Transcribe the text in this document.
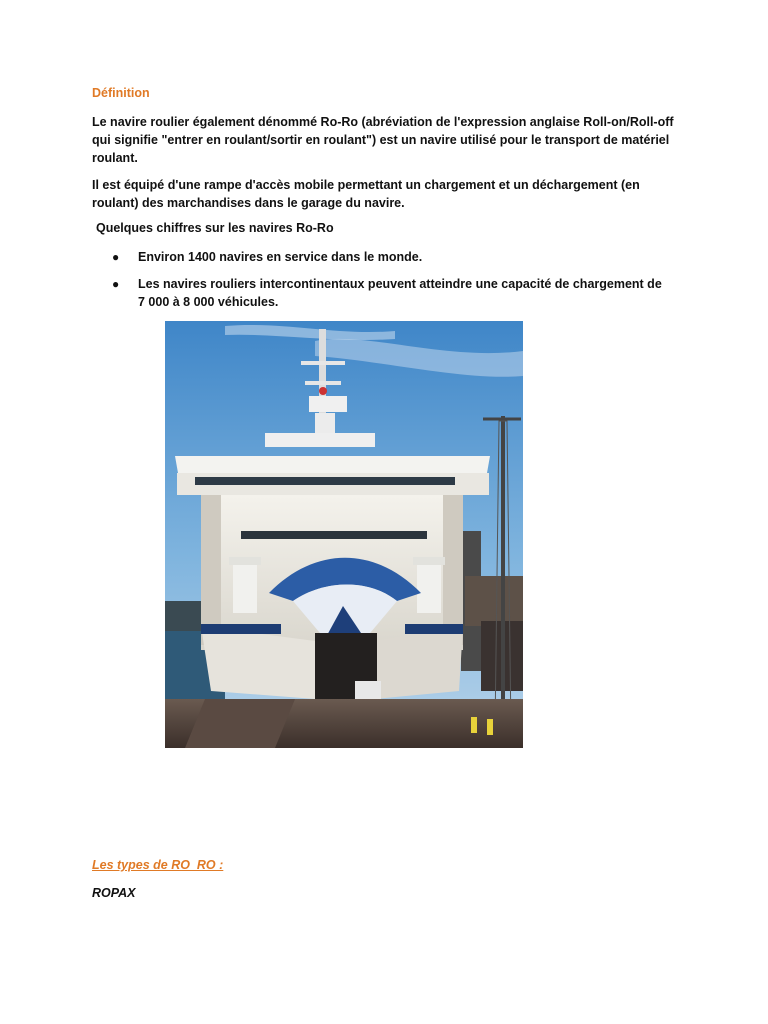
Définition
Le navire roulier également dénommé Ro-Ro (abréviation de l'expression anglaise Roll-on/Roll-off qui signifie "entrer en roulant/sortir en roulant") est un navire utilisé pour le transport de matériel roulant.
Il est équipé d'une rampe d'accès mobile permettant un chargement et un déchargement (en roulant) des marchandises dans le garage du navire.
Quelques chiffres sur les navires Ro-Ro
● Environ 1400 navires en service dans le monde.
● Les navires rouliers intercontinentaux peuvent atteindre une capacité de chargement de 7 000 à 8 000 véhicules.
Les types de RO_RO :
ROPAX
